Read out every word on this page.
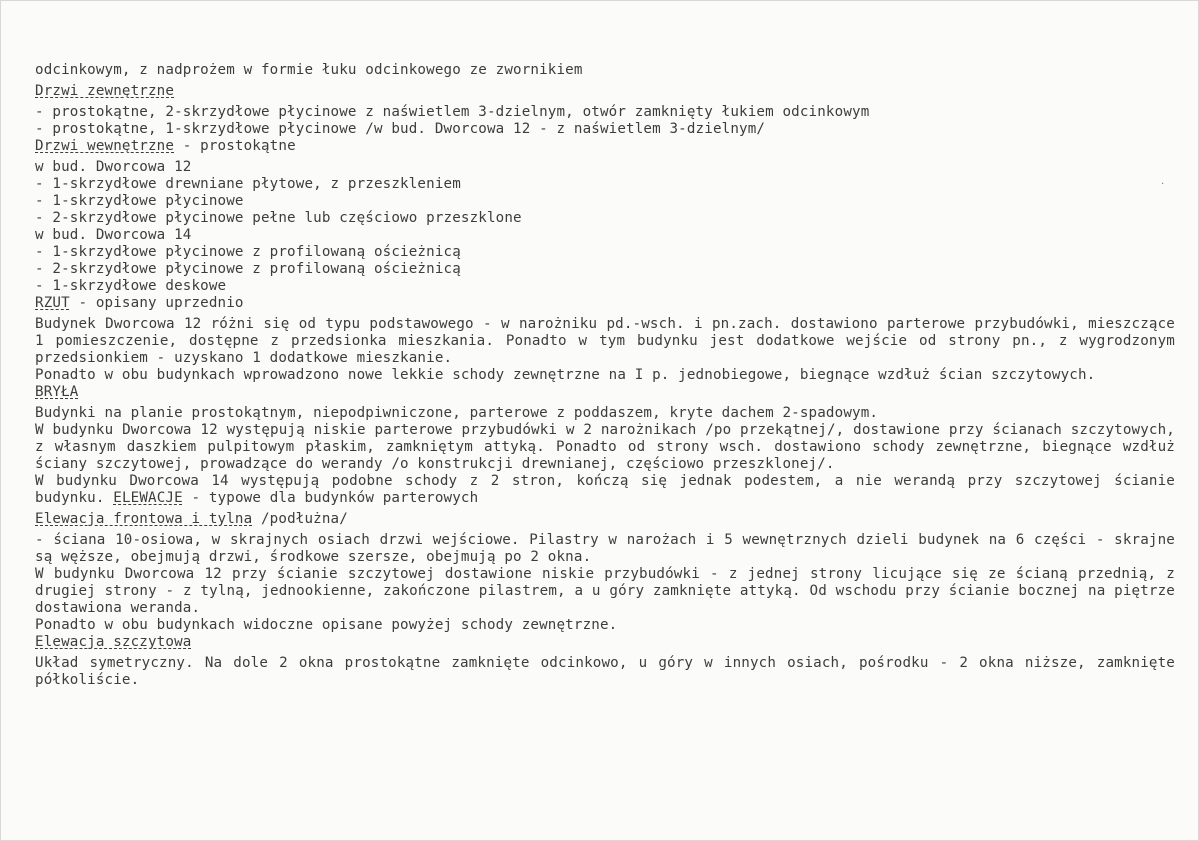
odcinkowym, z nadprożem w formie łuku odcinkowego ze zwornikiem
Drzwi zewnętrzne
- prostokątne, 2-skrzydłowe płycinowe z naświetlem 3-dzielnym, otwór zamknięty łukiem odcinkowym
- prostokątne, 1-skrzydłowe płycinowe /w bud. Dworcowa 12 - z naświetlem 3-dzielnym/
Drzwi wewnętrzne - prostokątne
w bud. Dworcowa 12
- 1-skrzydłowe drewniane płytowe, z przeszkleniem
- 1-skrzydłowe płycinowe
- 2-skrzydłowe płycinowe pełne lub częściowo przeszklone
w bud. Dworcowa 14
- 1-skrzydłowe płycinowe z profilowaną ościeżnicą
- 2-skrzydłowe płycinowe z profilowaną ościeżnicą
- 1-skrzydłowe deskowe
RZUT - opisany uprzednio
Budynek Dworcowa 12 różni się od typu podstawowego - w narożniku pd.-wsch. i pn.zach. dostawiono parterowe przybudówki, mieszczące 1 pomieszczenie, dostępne z przedsionka mieszkania. Ponadto w tym budynku jest dodatkowe wejście od strony pn., z wygrodzonym przedsionkiem - uzyskano 1 dodatkowe mieszkanie.
Ponadto w obu budynkach wprowadzono nowe lekkie schody zewnętrzne na I p. jednobiegowe, biegnące wzdłuż ścian szczytowych.
BRYŁA
Budynki na planie prostokątnym, niepodpiwniczone, parterowe z poddaszem, kryte dachem 2-spadowym.
W budynku Dworcowa 12 występują niskie parterowe przybudówki w 2 narożnikach /po przekątnej/, dostawione przy ścianach szczytowych, z własnym daszkiem pulpitowym płaskim, zamkniętym attyką. Ponadto od strony wsch. dostawiono schody zewnętrzne, biegnące wzdłuż ściany szczytowej, prowadzące do werandy /o konstrukcji drewnianej, częściowo przeszklonej/.
W budynku Dworcowa 14 występują podobne schody z 2 stron, kończą się jednak podestem, a nie werandą przy szczytowej ścianie budynku. ELEWACJE - typowe dla budynków parterowych
Elewacja frontowa i tylna /podłużna/
- ściana 10-osiowa, w skrajnych osiach drzwi wejściowe. Pilastry w narożach i 5 wewnętrznych dzieli budynek na 6 części - skrajne są węższe, obejmują drzwi, środkowe szersze, obejmują po 2 okna.
W budynku Dworcowa 12 przy ścianie szczytowej dostawione niskie przybudówki - z jednej strony licujące się ze ścianą przednią, z drugiej strony - z tylną, jednookienne, zakończone pilastrem, a u góry zamknięte attyką. Od wschodu przy ścianie bocznej na piętrze dostawiona weranda.
Ponadto w obu budynkach widoczne opisane powyżej schody zewnętrzne.
Elewacja szczytowa
Układ symetryczny. Na dole 2 okna prostokątne zamknięte odcinkowo, u góry w innych osiach, pośrodku - 2 okna niższe, zamknięte półkoliście.
·
